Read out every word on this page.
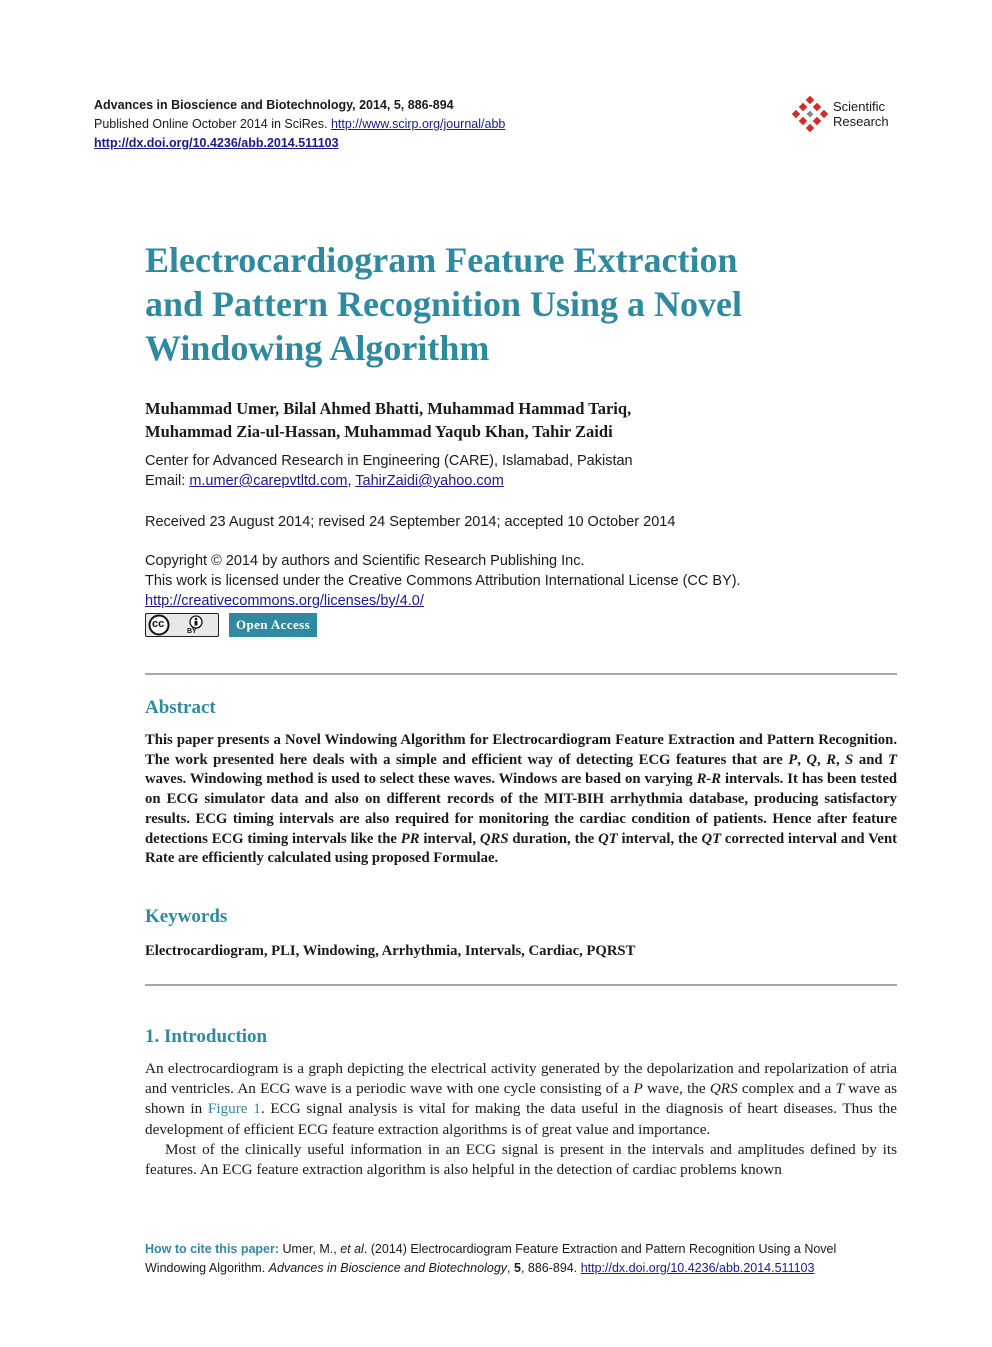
Advances in Bioscience and Biotechnology, 2014, 5, 886-894
Published Online October 2014 in SciRes. http://www.scirp.org/journal/abb
http://dx.doi.org/10.4236/abb.2014.511103
Scientific
Research
Electrocardiogram Feature Extraction
and Pattern Recognition Using a Novel
Windowing Algorithm
Muhammad Umer, Bilal Ahmed Bhatti, Muhammad Hammad Tariq,
Muhammad Zia-ul-Hassan, Muhammad Yaqub Khan, Tahir Zaidi
Center for Advanced Research in Engineering (CARE), Islamabad, Pakistan
Email: m.umer@carepvtltd.com, TahirZaidi@yahoo.com
Received 23 August 2014; revised 24 September 2014; accepted 10 October 2014
Copyright © 2014 by authors and Scientific Research Publishing Inc.
This work is licensed under the Creative Commons Attribution International License (CC BY).
http://creativecommons.org/licenses/by/4.0/
cc
BY	Open Access
Abstract
This paper presents a Novel Windowing Algorithm for Electrocardiogram Feature Extraction and Pattern Recognition. The work presented here deals with a simple and efficient way of detecting ECG features that are P, Q, R, S and T waves. Windowing method is used to select these waves. Windows are based on varying R-R intervals. It has been tested on ECG simulator data and also on different records of the MIT-BIH arrhythmia database, producing satisfactory results. ECG timing intervals are also required for monitoring the cardiac condition of patients. Hence after feature detections ECG timing intervals like the PR interval, QRS duration, the QT interval, the QT corrected interval and Vent Rate are efficiently calculated using proposed Formulae.
Keywords
Electrocardiogram, PLI, Windowing, Arrhythmia, Intervals, Cardiac, PQRST
1. Introduction

An electrocardiogram is a graph depicting the electrical activity generated by the depolarization and repolarization of atria and ventricles. An ECG wave is a periodic wave with one cycle consisting of a P wave, the QRS complex and a T wave as shown in Figure 1. ECG signal analysis is vital for making the data useful in the diagnosis of heart diseases. Thus the development of efficient ECG feature extraction algorithms is of great value and importance.

Most of the clinically useful information in an ECG signal is present in the intervals and amplitudes defined by its features. An ECG feature extraction algorithm is also helpful in the detection of cardiac problems known

How to cite this paper: Umer, M., et al. (2014) Electrocardiogram Feature Extraction and Pattern Recognition Using a Novel Windowing Algorithm. Advances in Bioscience and Biotechnology, 5, 886-894. http://dx.doi.org/10.4236/abb.2014.511103
